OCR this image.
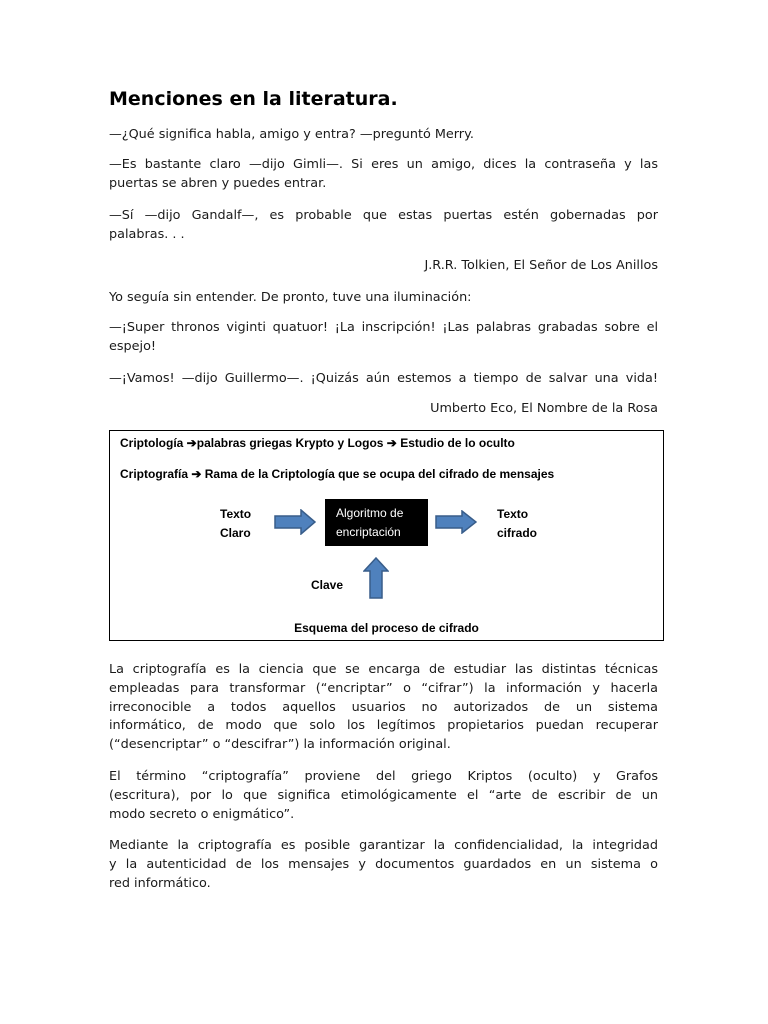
Menciones en la literatura.
—¿Qué significa habla, amigo y entra? —preguntó Merry.
—Es bastante claro —dijo Gimli—. Si eres un amigo, dices la contraseña y las
puertas se abren y puedes entrar.
—Sí —dijo Gandalf—, es probable que estas puertas estén gobernadas por
palabras. . .
J.R.R. Tolkien, El Señor de Los Anillos
Yo seguía sin entender. De pronto, tuve una iluminación:
—¡Super thronos viginti quatuor! ¡La inscripción! ¡Las palabras grabadas sobre el
espejo!
—¡Vamos! —dijo Guillermo—. ¡Quizás aún estemos a tiempo de salvar una vida!
Umberto Eco, El Nombre de la Rosa
Criptología ➔palabras griegas Krypto y Logos ➔ Estudio de lo oculto
Criptografía ➔ Rama de la Criptología que se ocupa del cifrado de mensajes
Texto
Claro
Algoritmo de
encriptación
Texto
cifrado
Clave
Esquema del proceso de cifrado
La criptografía es la ciencia que se encarga de estudiar las distintas técnicas
empleadas para transformar (“encriptar” o “cifrar”) la información y hacerla
irreconocible a todos aquellos usuarios no autorizados de un sistema
informático, de modo que solo los legítimos propietarios puedan recuperar
(“desencriptar” o “descifrar”) la información original.
El término “criptografía” proviene del griego Kriptos (oculto) y Grafos
(escritura), por lo que significa etimológicamente el “arte de escribir de un
modo secreto o enigmático”.
Mediante la criptografía es posible garantizar la confidencialidad, la integridad
y la autenticidad de los mensajes y documentos guardados en un sistema o
red informático.
